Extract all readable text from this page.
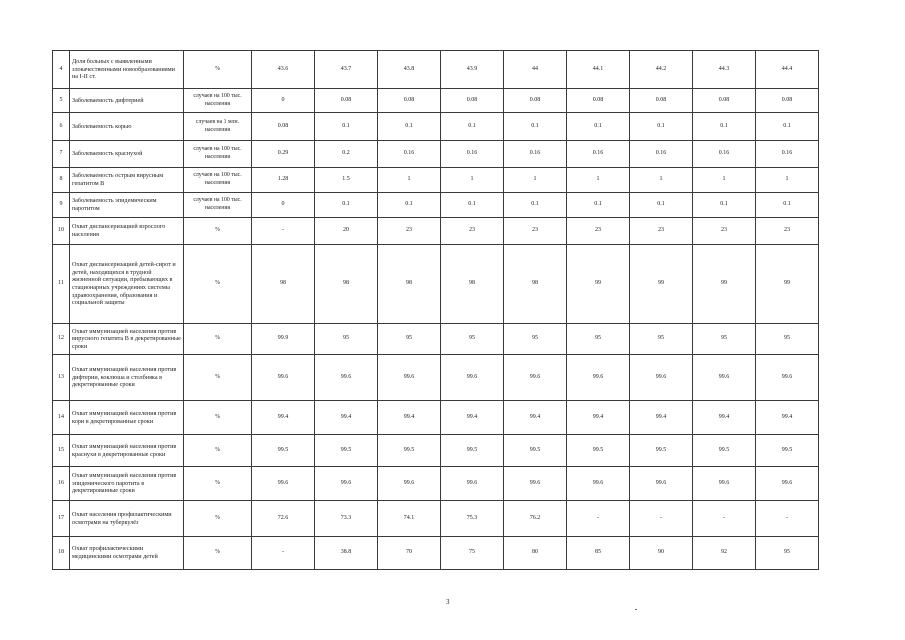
4	Доля больных с выявленными злокачественными новообразованиями на I-II ст.	%	43.6	43.7	43.8	43.9	44	44.1	44.2	44.3	44.4
5	Заболеваемость дифтерией	случаев на 100 тыс. населения	0	0.08	0.08	0.08	0.08	0.08	0.08	0.08	0.08
6	Заболеваемость корью	случаев на 1 млн. населения	0.08	0.1	0.1	0.1	0.1	0.1	0.1	0.1	0.1
7	Заболеваемость краснухой	случаев на 100 тыс. населения	0.29	0.2	0.16	0.16	0.16	0.16	0.16	0.16	0.16
8	Заболеваемость острым вирусным гепатитом В	случаев на 100 тыс. населения	1.28	1.5	1	1	1	1	1	1	1
9	Заболеваемость эпидемическим паротитом	случаев на 100 тыс. населения	0	0.1	0.1	0.1	0.1	0.1	0.1	0.1	0.1
10	Охват диспансеризацией взрослого населения	%	-	20	23	23	23	23	23	23	23
11	Охват диспансеризацией детей-сирот и детей, находящихся в трудной жизненной ситуации, пребывающих в стационарных учреждениях системы здравоохранения, образования и социальной защиты	%	98	98	98	98	98	99	99	99	99
12	Охват иммунизацией населения против вирусного гепатита В в декретированные сроки	%	99.9	95	95	95	95	95	95	95	95
13	Охват иммунизацией населения против дифтерии, коклюша и столбняка в декретированные сроки	%	99.6	99.6	99.6	99.6	99.6	99.6	99.6	99.6	99.6
14	Охват иммунизацией населения против кори в декретированные сроки	%	99.4	99.4	99.4	99.4	99.4	99.4	99.4	99.4	99.4
15	Охват иммунизацией населения против краснухи в декретированные сроки	%	99.5	99.5	99.5	99.5	99.5	99.5	99.5	99.5	99.5
16	Охват иммунизацией населения против эпидемического паротита в декретированные сроки	%	99.6	99.6	99.6	99.6	99.6	99.6	99.6	99.6	99.6
17	Охват населения профилактическими осмотрами на туберкулёз	%	72.6	73.3	74.1	75.3	76.2	-	-	-	-
18	Охват профилактическими медицинскими осмотрами детей	%	-	38.8	70	75	80	85	90	92	95
3
